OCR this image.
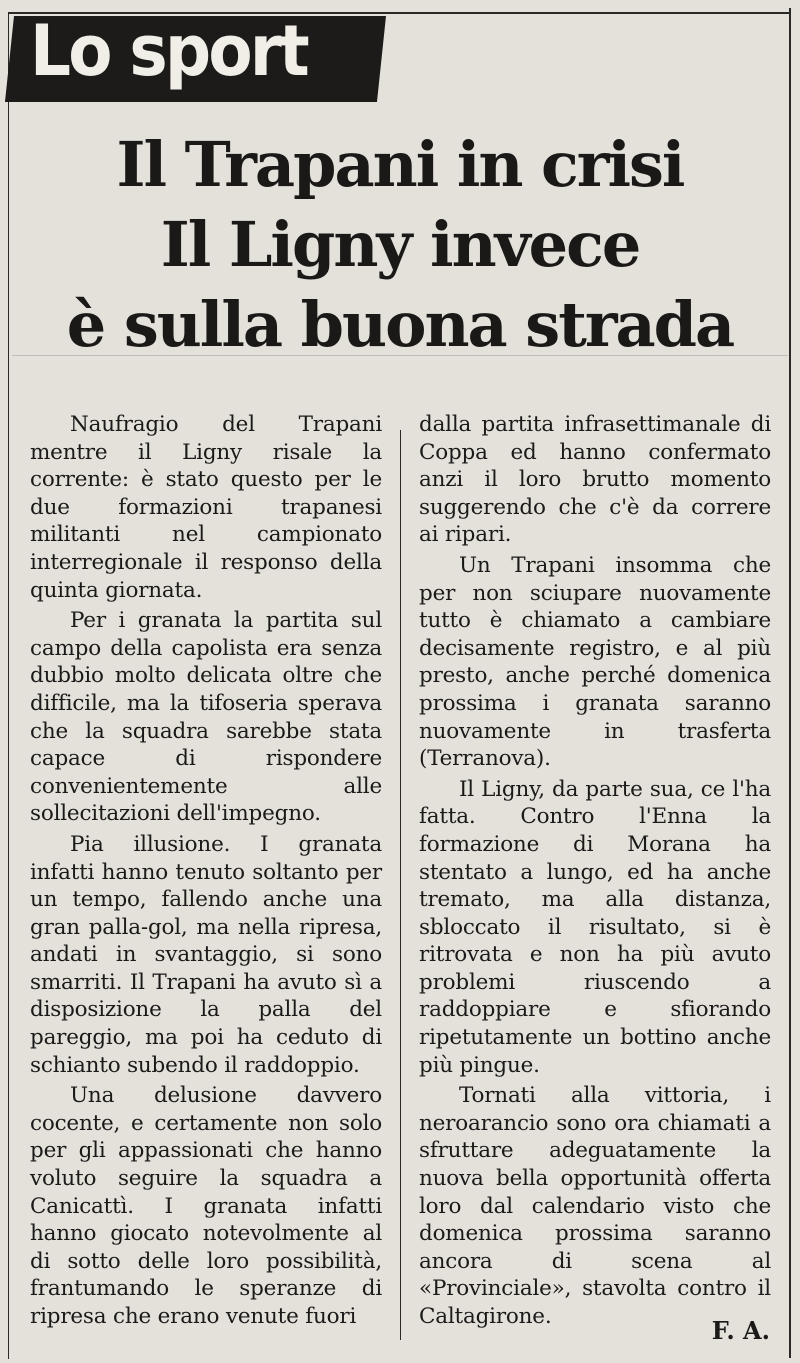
Lo sport
Il Trapani in crisi
Il Ligny invece
è sulla buona strada

Naufragio del Trapani mentre il Ligny risale la corrente: è stato questo per le due formazioni trapanesi militanti nel campionato interregionale il responso della quinta giornata.

Per i granata la partita sul campo della capolista era senza dubbio molto delicata oltre che difficile, ma la tifoseria sperava che la squadra sarebbe stata capace di rispondere convenientemente alle sollecitazioni dell'impegno.

Pia illusione. I granata infatti hanno tenuto soltanto per un tempo, fallendo anche una gran palla-gol, ma nella ripresa, andati in svantaggio, si sono smarriti. Il Trapani ha avuto sì a disposizione la palla del pareggio, ma poi ha ceduto di schianto subendo il raddoppio.

Una delusione davvero cocente, e certamente non solo per gli appassionati che hanno voluto seguire la squadra a Canicattì. I granata infatti hanno giocato notevolmente al di sotto delle loro possibilità, frantumando le speranze di ripresa che erano venute fuori

dalla partita infrasettimanale di Coppa ed hanno confermato anzi il loro brutto momento suggerendo che c'è da correre ai ripari.

Un Trapani insomma che per non sciupare nuovamente tutto è chiamato a cambiare decisamente registro, e al più presto, anche perché domenica prossima i granata saranno nuovamente in trasferta (Terranova).

Il Ligny, da parte sua, ce l'ha fatta. Contro l'Enna la formazione di Morana ha stentato a lungo, ed ha anche tremato, ma alla distanza, sbloccato il risultato, si è ritrovata e non ha più avuto problemi riuscendo a raddoppiare e sfiorando ripetutamente un bottino anche più pingue.

Tornati alla vittoria, i neroarancio sono ora chiamati a sfruttare adeguatamente la nuova bella opportunità offerta loro dal calendario visto che domenica prossima saranno ancora di scena al «Provinciale», stavolta contro il Caltagirone.	F. A.
